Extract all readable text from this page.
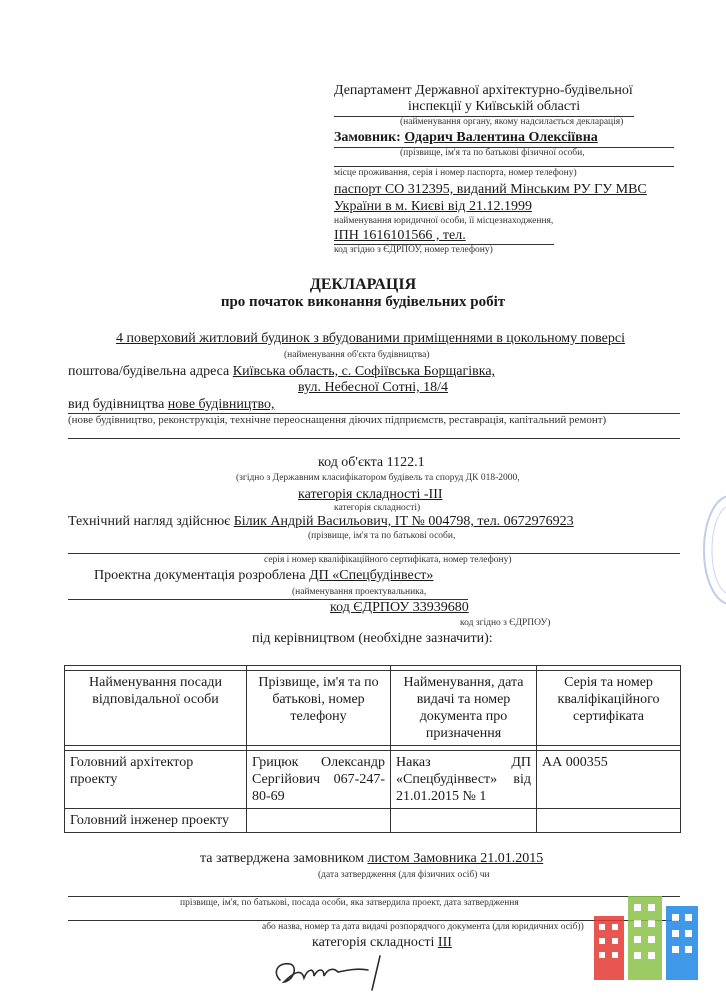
Департамент Державної архітектурно-будівельної
інспекції у Київській області
(найменування органу, якому надсилається декларація)
Замовник: Одарич Валентина Олексіївна
(прізвище, ім'я та по батькові фізичної особи,
місце проживання, серія і номер паспорта, номер телефону)
паспорт СО 312395, виданий Мінським РУ ГУ МВС
України в м. Києві від 21.12.1999
найменування юридичної особи, її місцезнаходження,
ІПН 1616101566 , тел.
код згідно з ЄДРПОУ, номер телефону)
ДЕКЛАРАЦІЯ
про початок виконання будівельних робіт
4 поверховий житловий будинок з вбудованими приміщеннями в цокольному поверсі
(найменування об'єкта будівництва)
поштова/будівельна адреса Київська область, с. Софіївська Борщагівка,
вул. Небесної Сотні, 18/4
вид будівництва нове будівництво,
(нове будівництво, реконструкція, технічне переоснащення діючих підприємств, реставрація, капітальний ремонт)
код об'єкта 1122.1
(згідно з Державним класифікатором будівель та споруд ДК 018-2000,
категорія складності -ІІІ
категорія складності)
Технічний нагляд здійснює Білик Андрій Васильович, ІТ № 004798, тел. 0672976923
(прізвище, ім'я та по батькові особи,
серія і номер кваліфікаційного сертифіката, номер телефону)
Проектна документація розроблена ДП «Спецбудінвест»
(найменування проектувальника,
код ЄДРПОУ 33939680
код згідно з ЄДРПОУ)
під керівництвом (необхідне зазначити):

Найменування посади відповідальної особи	Прізвище, ім'я та по батькові, номер телефону	Найменування, дата видачі та номер документа про призначення	Серія та номер кваліфікаційного сертифіката

Головний архітектор проекту	Грицюк Олександр Сергійович 067-247-80-69	Наказ ДП «Спецбудінвест» від 21.01.2015 № 1	АА 000355
Головний інженер проекту			
та затверджена замовником листом Замовника 21.01.2015
(дата затвердження (для фізичних осіб) чи
прізвище, ім'я, по батькові, посада особи, яка затвердила проект, дата затвердження
або назва, номер та дата видачі розпорядчого документа (для юридичних осіб))
категорія складності ІІІ
